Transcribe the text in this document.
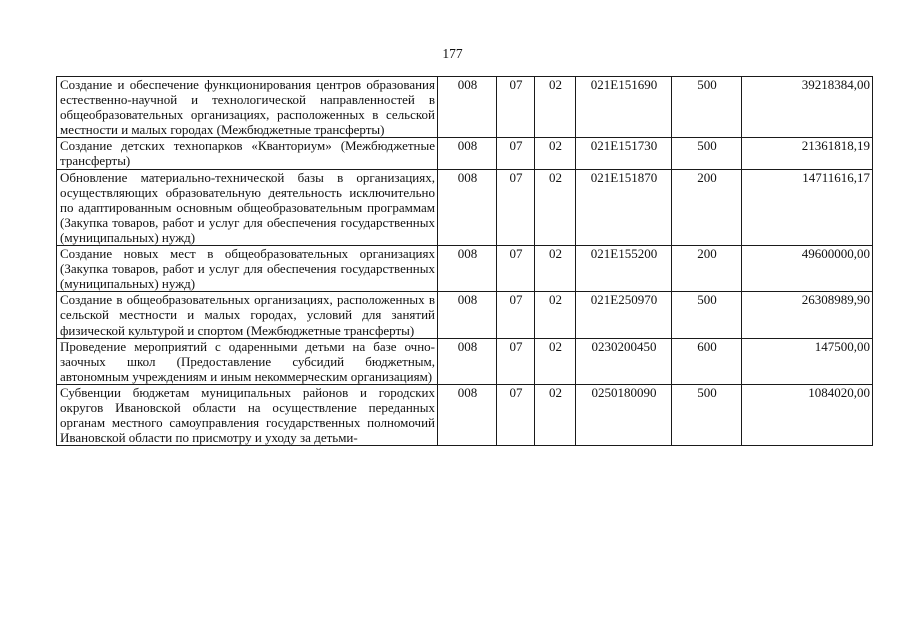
177
Создание и обеспечение функционирования центров образования естественно-научной и технологической направленностей в общеобразовательных организациях, расположенных в сельской местности и малых городах (Межбюджетные трансферты)	008	07	02	021E151690	500	39218384,00
Создание детских технопарков «Кванториум» (Межбюджетные трансферты)	008	07	02	021E151730	500	21361818,19
Обновление материально-технической базы в организациях, осуществляющих образовательную деятельность исключительно по адаптированным основным общеобразовательным программам (Закупка товаров, работ и услуг для обеспечения государственных (муниципальных) нужд)	008	07	02	021E151870	200	14711616,17
Создание новых мест в общеобразовательных организациях (Закупка товаров, работ и услуг для обеспечения государственных (муниципальных) нужд)	008	07	02	021E155200	200	49600000,00
Создание в общеобразовательных организациях, расположенных в сельской местности и малых городах, условий для занятий физической культурой и спортом (Межбюджетные трансферты)	008	07	02	021E250970	500	26308989,90
Проведение мероприятий с одаренными детьми на базе очно-заочных школ (Предоставление субсидий бюджетным, автономным учреждениям и иным некоммерческим организациям)	008	07	02	0230200450	600	147500,00
Субвенции бюджетам муниципальных районов и городских округов Ивановской области на осуществление переданных органам местного самоуправления государственных полномочий Ивановской области по присмотру и уходу за детьми-	008	07	02	0250180090	500	1084020,00
